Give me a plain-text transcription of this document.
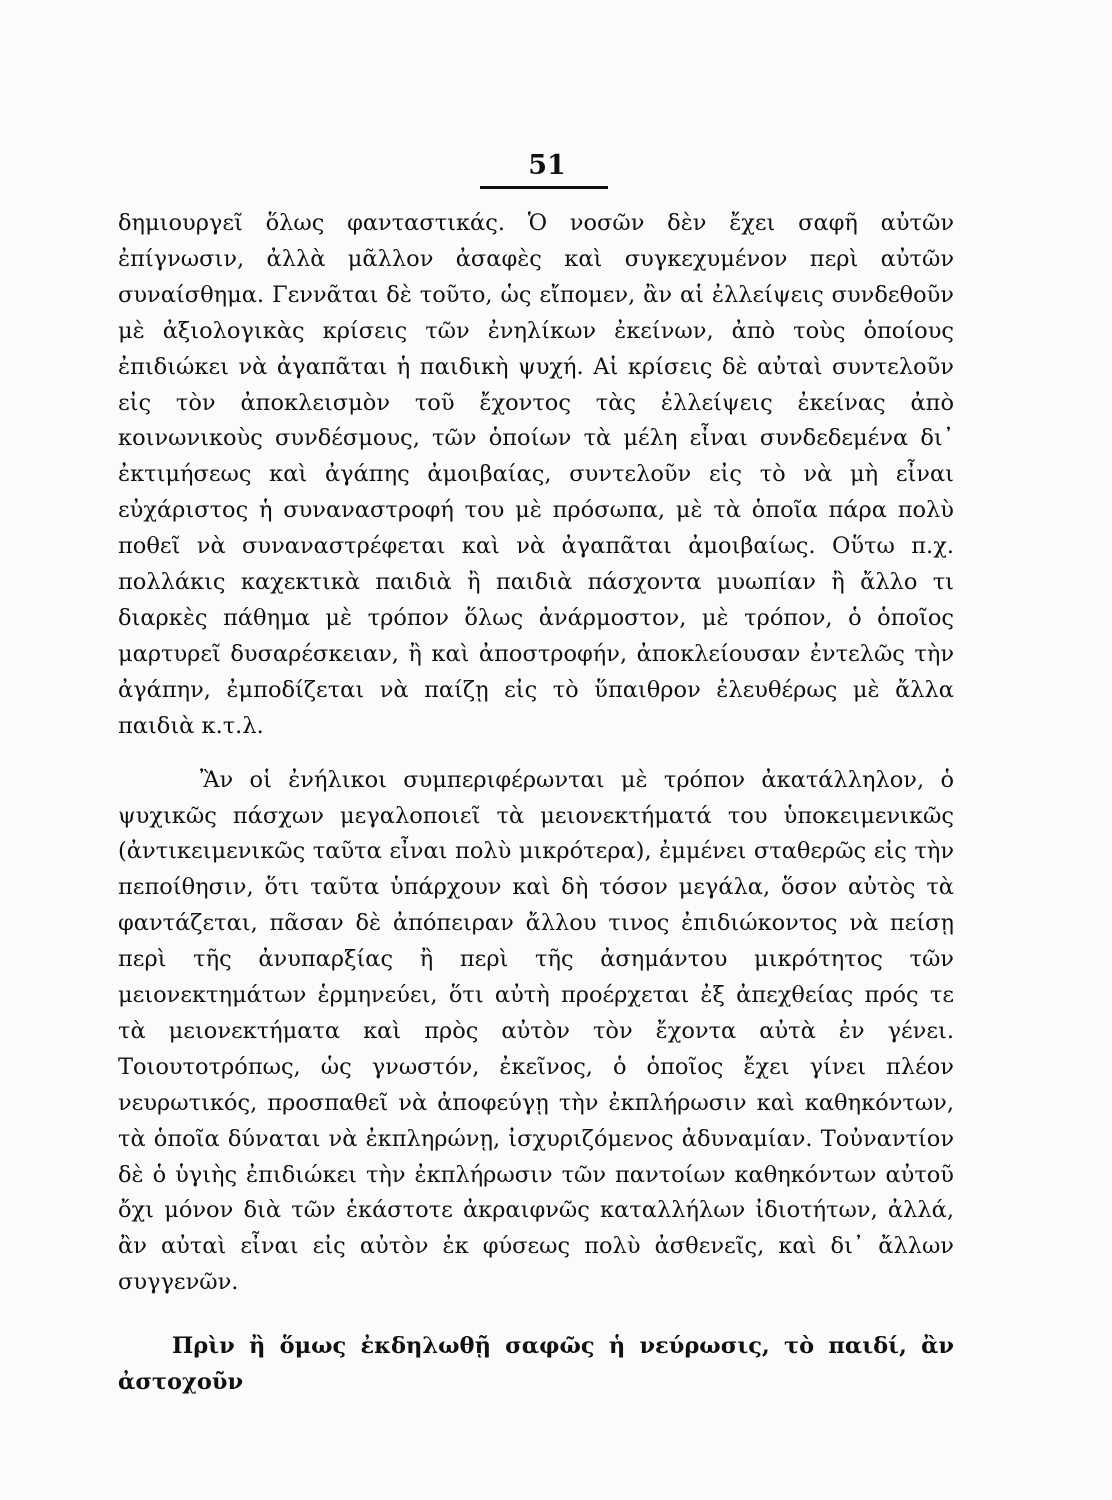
51

δημιουργεῖ ὅλως φανταστικάς. Ὁ νοσῶν δὲν ἔχει σαφῆ αὐτῶν ἐπίγνωσιν, ἀλλὰ μᾶλλον ἀσαφὲς καὶ συγκεχυμένον περὶ αὐτῶν συναίσθημα. Γεννᾶται δὲ τοῦτο, ὡς εἴπομεν, ἂν αἱ ἐλλείψεις συνδεθοῦν μὲ ἀξιολογικὰς κρίσεις τῶν ἐνηλίκων ἐκείνων, ἀπὸ τοὺς ὁποίους ἐπιδιώκει νὰ ἀγαπᾶται ἡ παιδικὴ ψυχή. Αἱ κρίσεις δὲ αὐταὶ συντελοῦν εἰς τὸν ἀποκλεισμὸν τοῦ ἔχοντος τὰς ἐλλείψεις ἐκείνας ἀπὸ κοινωνικοὺς συνδέσμους, τῶν ὁποίων τὰ μέλη εἶναι συνδεδεμένα δι᾿ ἐκτιμήσεως καὶ ἀγάπης ἀμοιβαίας, συντελοῦν εἰς τὸ νὰ μὴ εἶναι εὐχάριστος ἡ συναναστροφή του μὲ πρόσωπα, μὲ τὰ ὁποῖα πάρα πολὺ ποθεῖ νὰ συναναστρέφεται καὶ νὰ ἀγαπᾶται ἀμοιβαίως. Οὕτω π.χ. πολλάκις καχεκτικὰ παιδιὰ ἢ παιδιὰ πάσχοντα μυωπίαν ἢ ἄλλο τι διαρκὲς πάθημα μὲ τρόπον ὅλως ἀνάρμοστον, μὲ τρόπον, ὁ ὁποῖος μαρτυρεῖ δυσαρέσκειαν, ἢ καὶ ἀποστροφήν, ἀποκλείουσαν ἐντελῶς τὴν ἀγάπην, ἐμποδίζεται νὰ παίζῃ εἰς τὸ ὕπαιθρον ἐλευθέρως μὲ ἄλλα παιδιὰ κ.τ.λ.

Ἂν οἱ ἐνήλικοι συμπεριφέρωνται μὲ τρόπον ἀκατάλληλον, ὁ ψυχικῶς πάσχων μεγαλοποιεῖ τὰ μειονεκτήματά του ὑποκειμενικῶς (ἀντικειμενικῶς ταῦτα εἶναι πολὺ μικρότερα), ἐμμένει σταθερῶς εἰς τὴν πεποίθησιν, ὅτι ταῦτα ὑπάρχουν καὶ δὴ τόσον μεγάλα, ὅσον αὐτὸς τὰ φαντάζεται, πᾶσαν δὲ ἀπόπειραν ἄλλου τινος ἐπιδιώκοντος νὰ πείσῃ περὶ τῆς ἀνυπαρξίας ἢ περὶ τῆς ἀσημάντου μικρότητος τῶν μειονεκτημάτων ἑρμηνεύει, ὅτι αὐτὴ προέρχεται ἐξ ἀπεχθείας πρός τε τὰ μειονεκτήματα καὶ πρὸς αὐτὸν τὸν ἔχοντα αὐτὰ ἐν γένει. Τοιουτοτρόπως, ὡς γνωστόν, ἐκεῖνος, ὁ ὁποῖος ἔχει γίνει πλέον νευρωτικός, προσπαθεῖ νὰ ἀποφεύγῃ τὴν ἐκπλήρωσιν καὶ καθηκόντων, τὰ ὁποῖα δύναται νὰ ἐκπληρώνῃ, ἰσχυριζόμενος ἀδυναμίαν. Τοὐναντίον δὲ ὁ ὑγιὴς ἐπιδιώκει τὴν ἐκπλήρωσιν τῶν παντοίων καθηκόντων αὐτοῦ ὄχι μόνον διὰ τῶν ἑκάστοτε ἀκραιφνῶς καταλλήλων ἰδιοτήτων, ἀλλά, ἂν αὐταὶ εἶναι εἰς αὐτὸν ἐκ φύσεως πολὺ ἀσθενεῖς, καὶ δι᾿ ἄλλων συγγενῶν.

Πρὶν ἢ ὅμως ἐκδηλωθῇ σαφῶς ἡ νεύρωσις, τὸ παιδί, ἂν ἀστοχοῦν
